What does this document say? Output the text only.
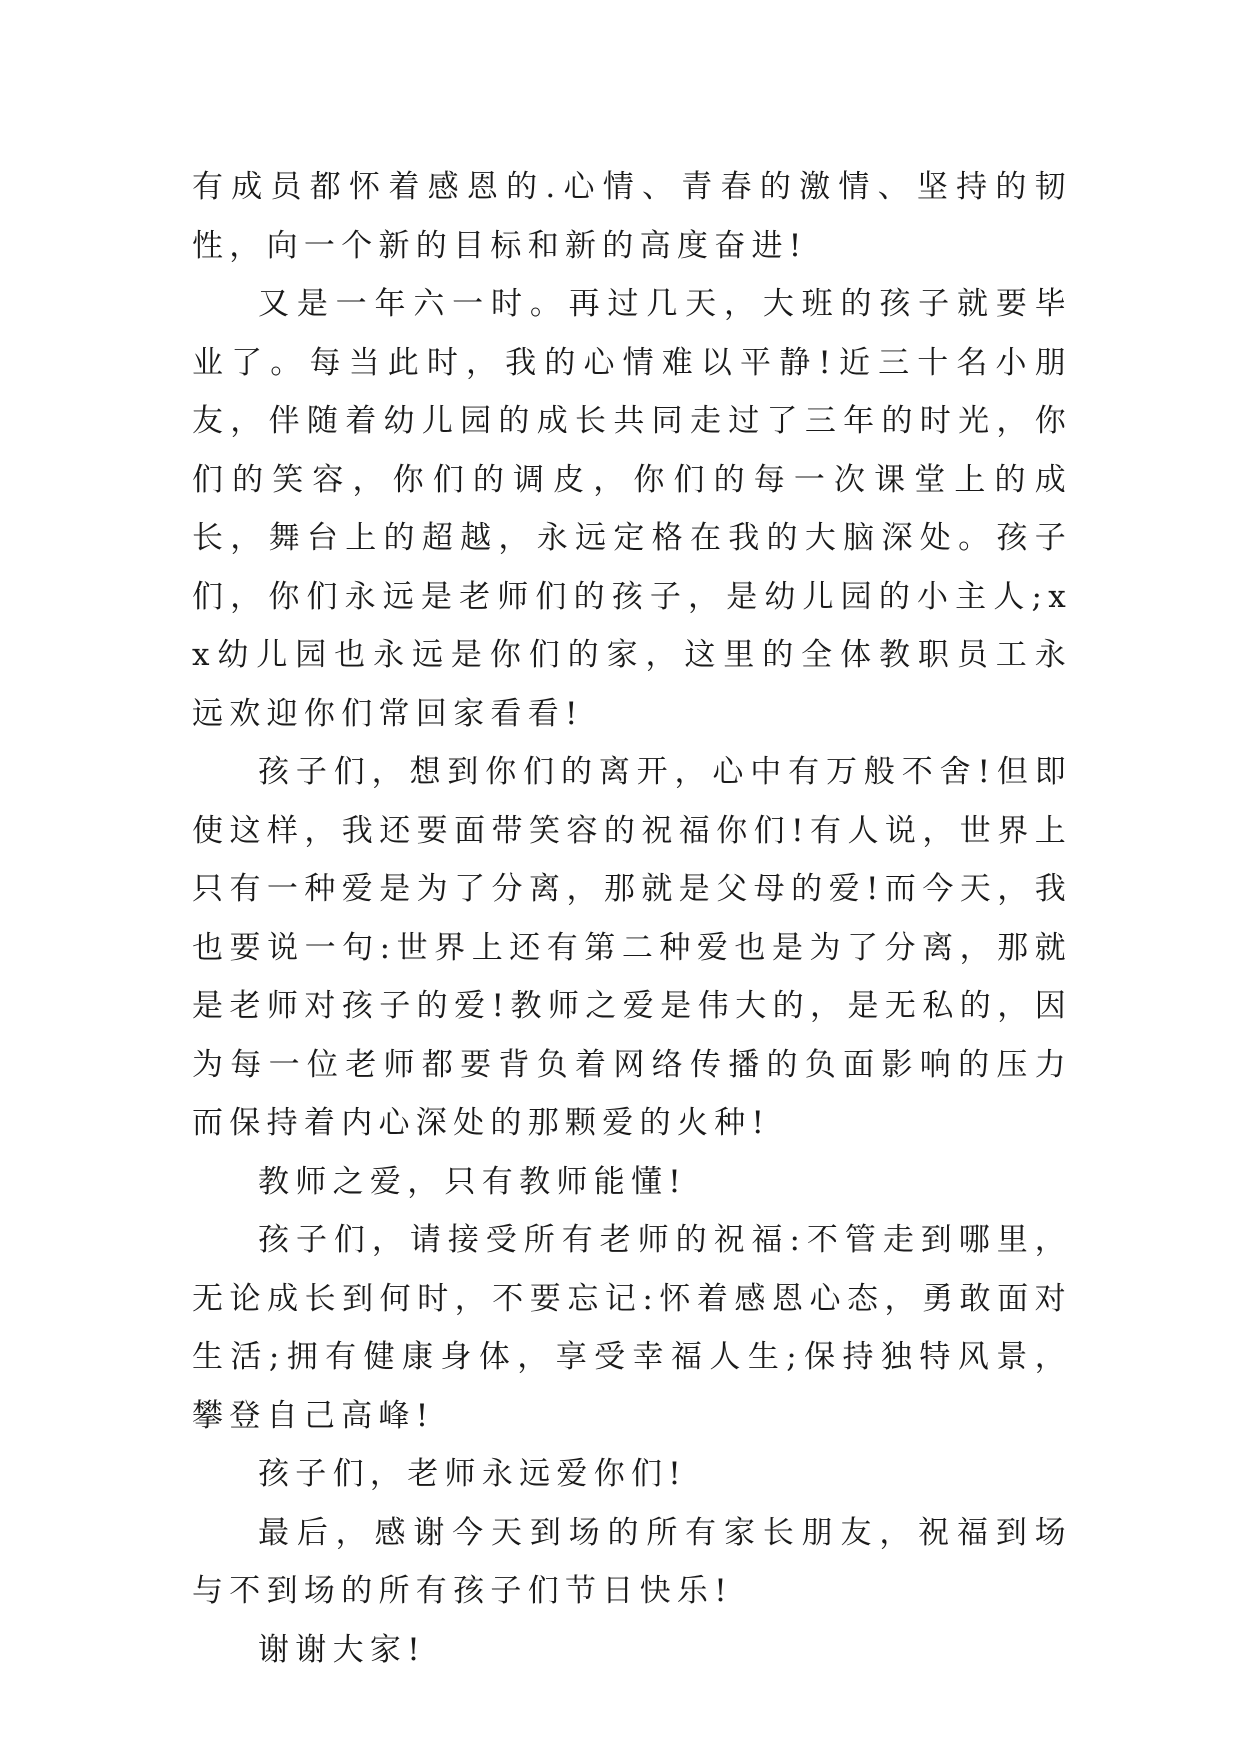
有成员都怀着感恩的.心情、青春的激情、坚持的韧性，向一个新的目标和新的高度奋进!

又是一年六一时。再过几天，大班的孩子就要毕业了。每当此时，我的心情难以平静!近三十名小朋友，伴随着幼儿园的成长共同走过了三年的时光，你们的笑容，你们的调皮，你们的每一次课堂上的成长，舞台上的超越，永远定格在我的大脑深处。孩子们，你们永远是老师们的孩子，是幼儿园的小主人;xx幼儿园也永远是你们的家，这里的全体教职员工永远欢迎你们常回家看看!

孩子们，想到你们的离开，心中有万般不舍!但即使这样，我还要面带笑容的祝福你们!有人说，世界上只有一种爱是为了分离，那就是父母的爱!而今天，我也要说一句:世界上还有第二种爱也是为了分离，那就是老师对孩子的爱!教师之爱是伟大的，是无私的，因为每一位老师都要背负着网络传播的负面影响的压力而保持着内心深处的那颗爱的火种!

教师之爱，只有教师能懂!

孩子们，请接受所有老师的祝福:不管走到哪里，无论成长到何时，不要忘记:怀着感恩心态，勇敢面对生活;拥有健康身体，享受幸福人生;保持独特风景，攀登自己高峰!

孩子们，老师永远爱你们!

最后，感谢今天到场的所有家长朋友，祝福到场与不到场的所有孩子们节日快乐!

谢谢大家!
